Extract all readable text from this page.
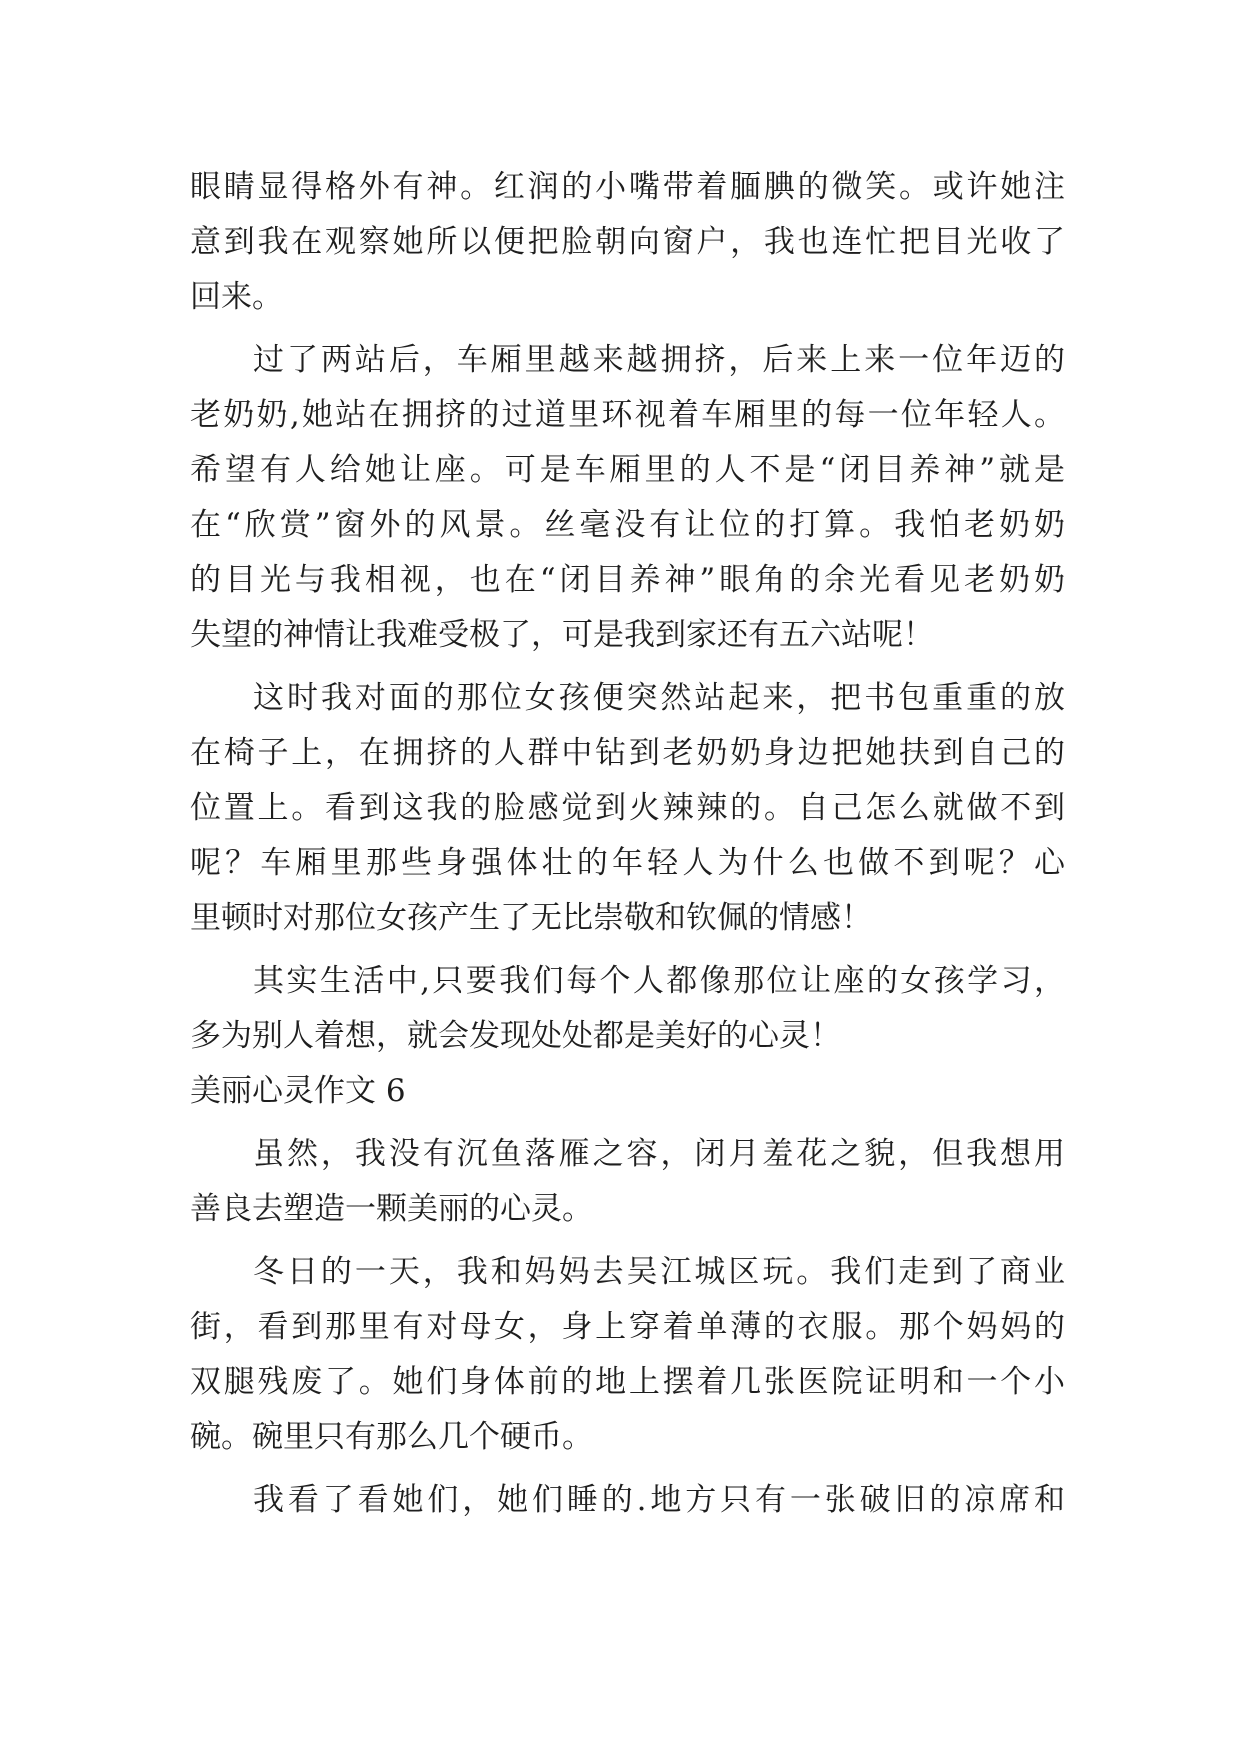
眼睛显得格外有神。红润的小嘴带着腼腆的微笑。或许她注
意到我在观察她所以便把脸朝向窗户，我也连忙把目光收了
回来。
过了两站后，车厢里越来越拥挤，后来上来一位年迈的
老奶奶,她站在拥挤的过道里环视着车厢里的每一位年轻人。
希望有人给她让座。可是车厢里的人不是“闭目养神”就是
在“欣赏”窗外的风景。丝毫没有让位的打算。我怕老奶奶
的目光与我相视，也在“闭目养神”眼角的余光看见老奶奶
失望的神情让我难受极了，可是我到家还有五六站呢！
这时我对面的那位女孩便突然站起来，把书包重重的放
在椅子上，在拥挤的人群中钻到老奶奶身边把她扶到自己的
位置上。看到这我的脸感觉到火辣辣的。自己怎么就做不到
呢？车厢里那些身强体壮的年轻人为什么也做不到呢？心
里顿时对那位女孩产生了无比崇敬和钦佩的情感！
其实生活中,只要我们每个人都像那位让座的女孩学习，
多为别人着想，就会发现处处都是美好的心灵！
美丽心灵作文 6
虽然，我没有沉鱼落雁之容，闭月羞花之貌，但我想用
善良去塑造一颗美丽的心灵。
冬日的一天，我和妈妈去吴江城区玩。我们走到了商业
街，看到那里有对母女，身上穿着单薄的衣服。那个妈妈的
双腿残废了。她们身体前的地上摆着几张医院证明和一个小
碗。碗里只有那么几个硬币。
我看了看她们，她们睡的.地方只有一张破旧的凉席和
